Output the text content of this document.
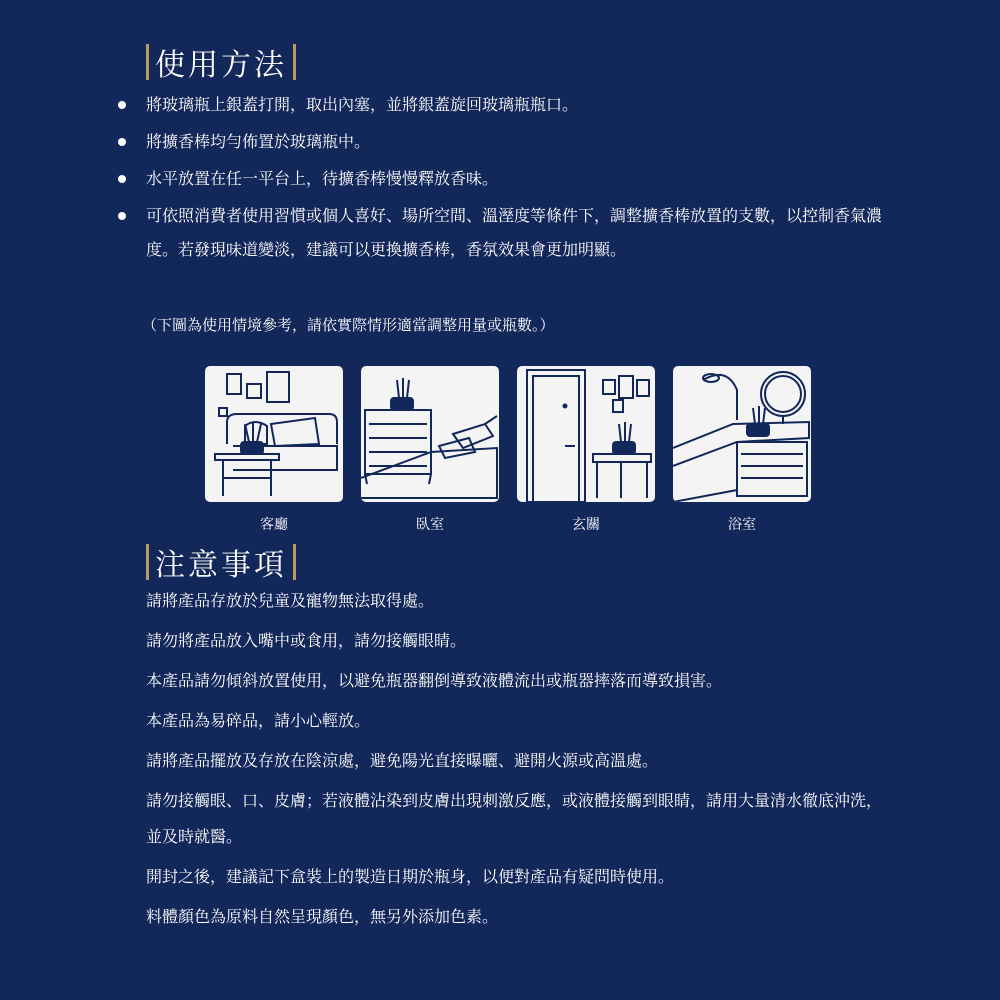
使用方法
將玻璃瓶上銀蓋打開，取出內塞，並將銀蓋旋回玻璃瓶瓶口。
將擴香棒均勻佈置於玻璃瓶中。
水平放置在任一平台上，待擴香棒慢慢釋放香味。
可依照消費者使用習慣或個人喜好、場所空間、溫溼度等條件下，調整擴香棒放置的支數，以控制香氣濃度。若發現味道變淡，建議可以更換擴香棒，香氛效果會更加明顯。
（下圖為使用情境參考，請依實際情形適當調整用量或瓶數。）
客廳	臥室	玄關	浴室
注意事項

請將產品存放於兒童及寵物無法取得處。

請勿將產品放入嘴中或食用，請勿接觸眼睛。

本產品請勿傾斜放置使用，以避免瓶器翻倒導致液體流出或瓶器摔落而導致損害。

本產品為易碎品，請小心輕放。

請將產品擺放及存放在陰涼處，避免陽光直接曝曬、避開火源或高溫處。

請勿接觸眼、口、皮膚；若液體沾染到皮膚出現刺激反應，或液體接觸到眼睛，請用大量清水徹底沖洗，並及時就醫。

開封之後，建議記下盒裝上的製造日期於瓶身，以便對產品有疑問時使用。

料體顏色為原料自然呈現顏色，無另外添加色素。
